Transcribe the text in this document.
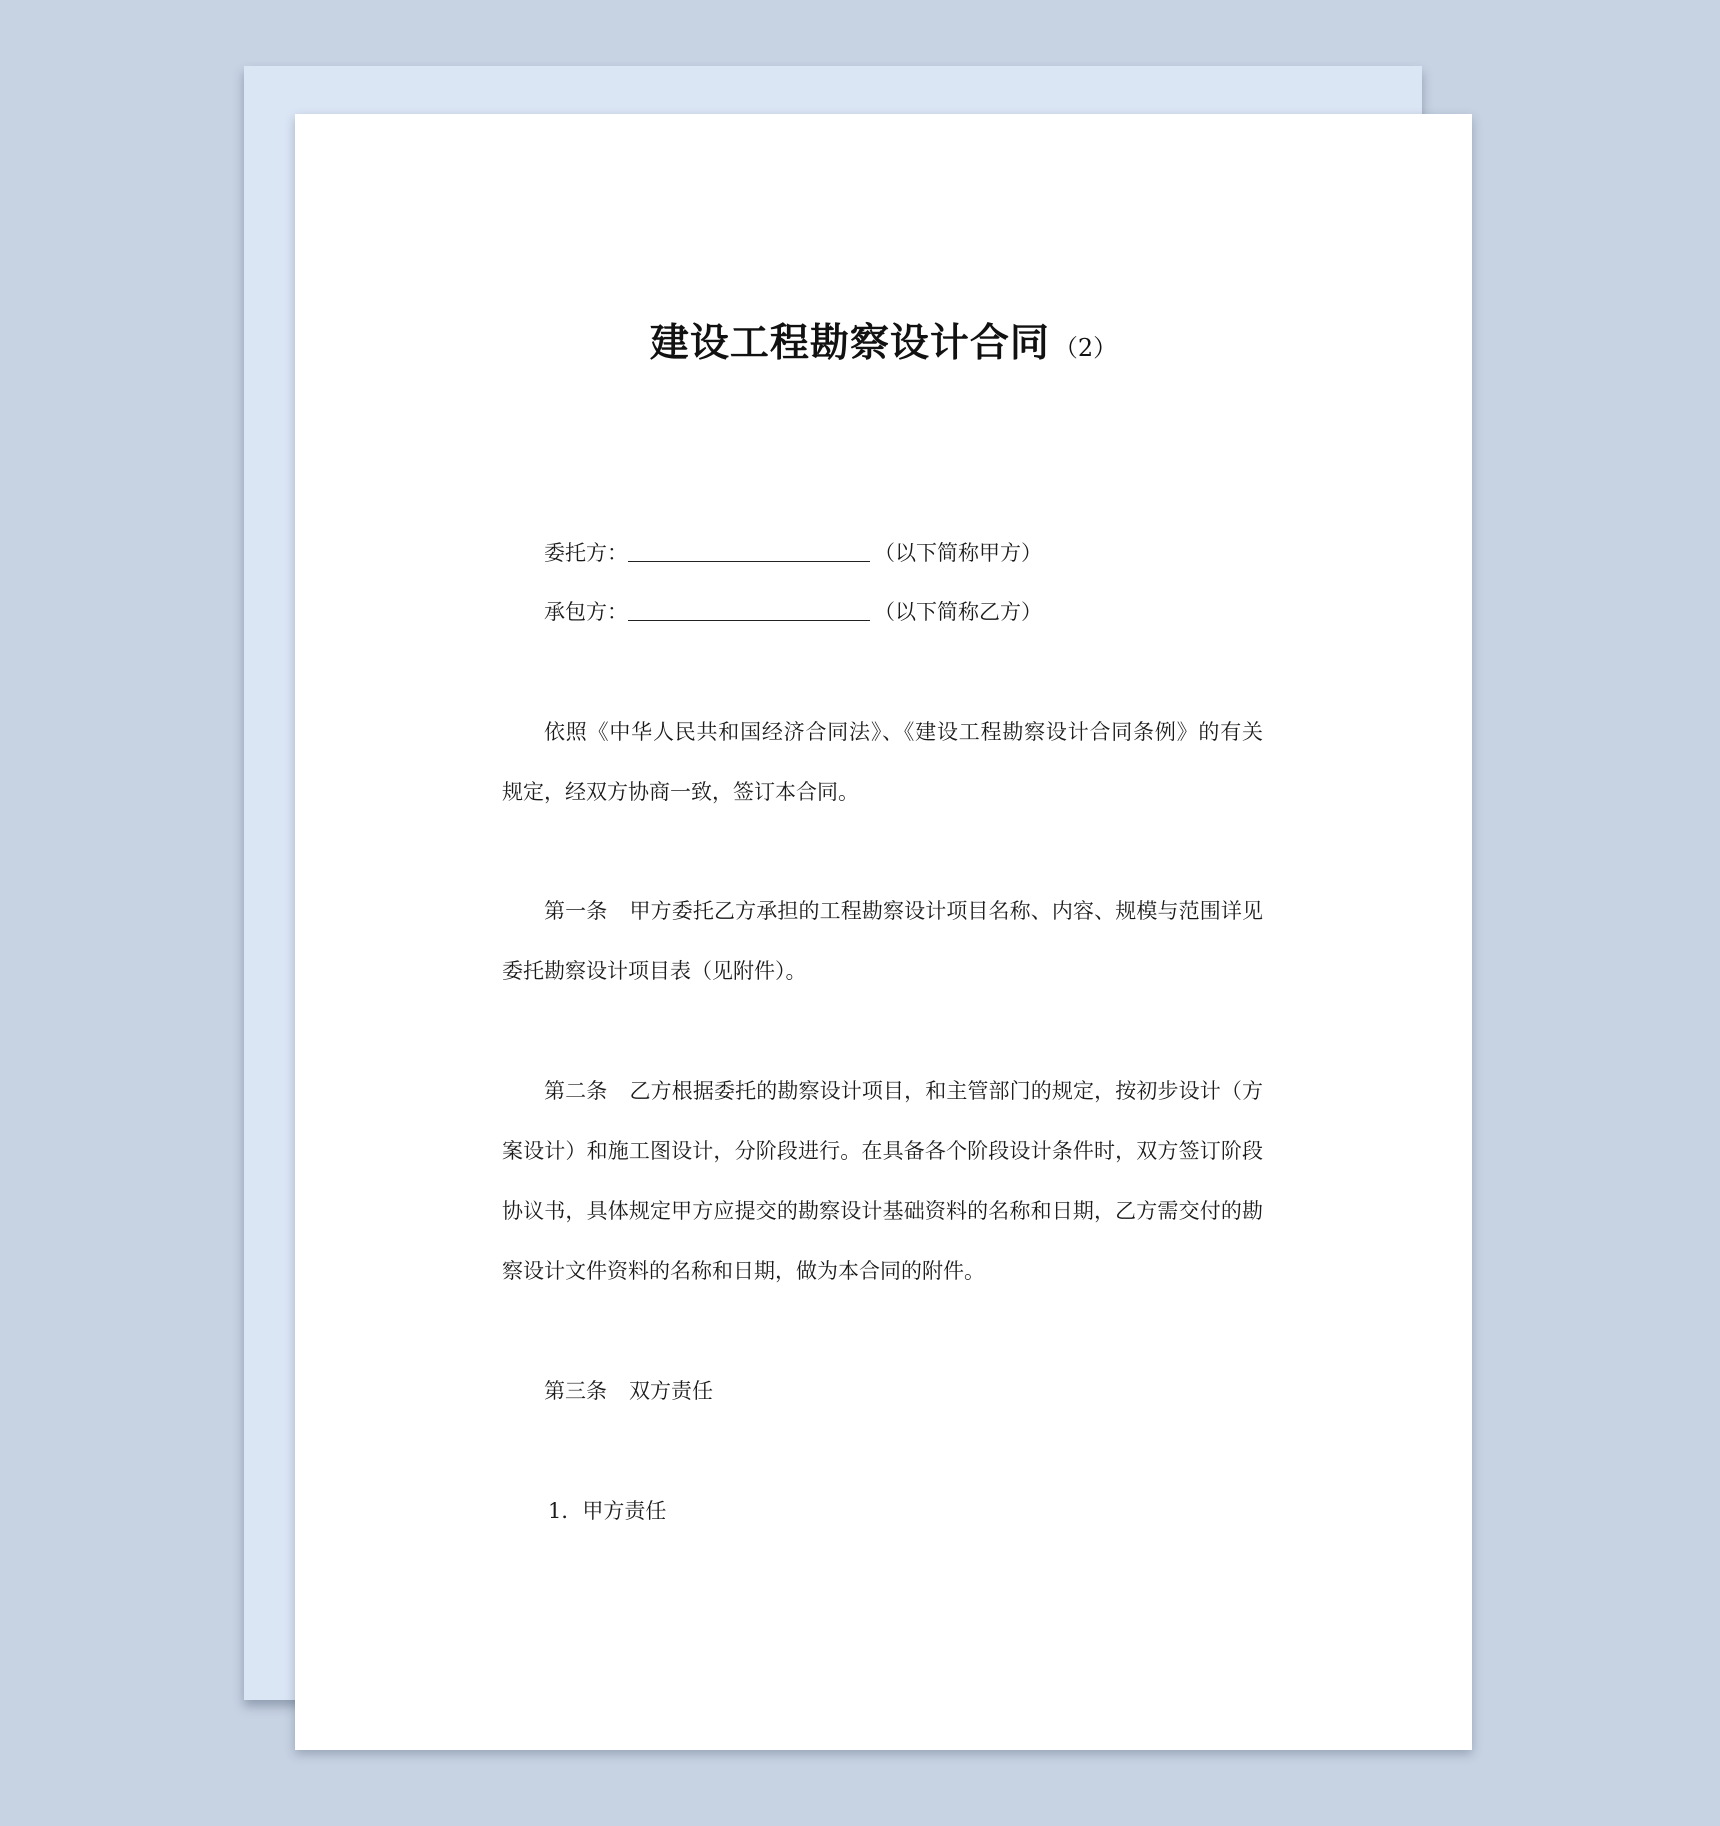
建设工程勘察设计合同 （2）
委托方：	（以下简称甲方）
承包方：	（以下简称乙方）
依照《中华人民共和国经济合同法》、《建设工程勘察设计合同条例》的有关
规定，经双方协商一致，签订本合同。
第一条 甲方委托乙方承担的工程勘察设计项目名称、内容、规模与范围详见
委托勘察设计项目表（见附件）。
第二条 乙方根据委托的勘察设计项目，和主管部门的规定，按初步设计（方
案设计）和施工图设计，分阶段进行。在具备各个阶段设计条件时，双方签订阶段
协议书，具体规定甲方应提交的勘察设计基础资料的名称和日期，乙方需交付的勘
察设计文件资料的名称和日期，做为本合同的附件。
第三条 双方责任
1．甲方责任
